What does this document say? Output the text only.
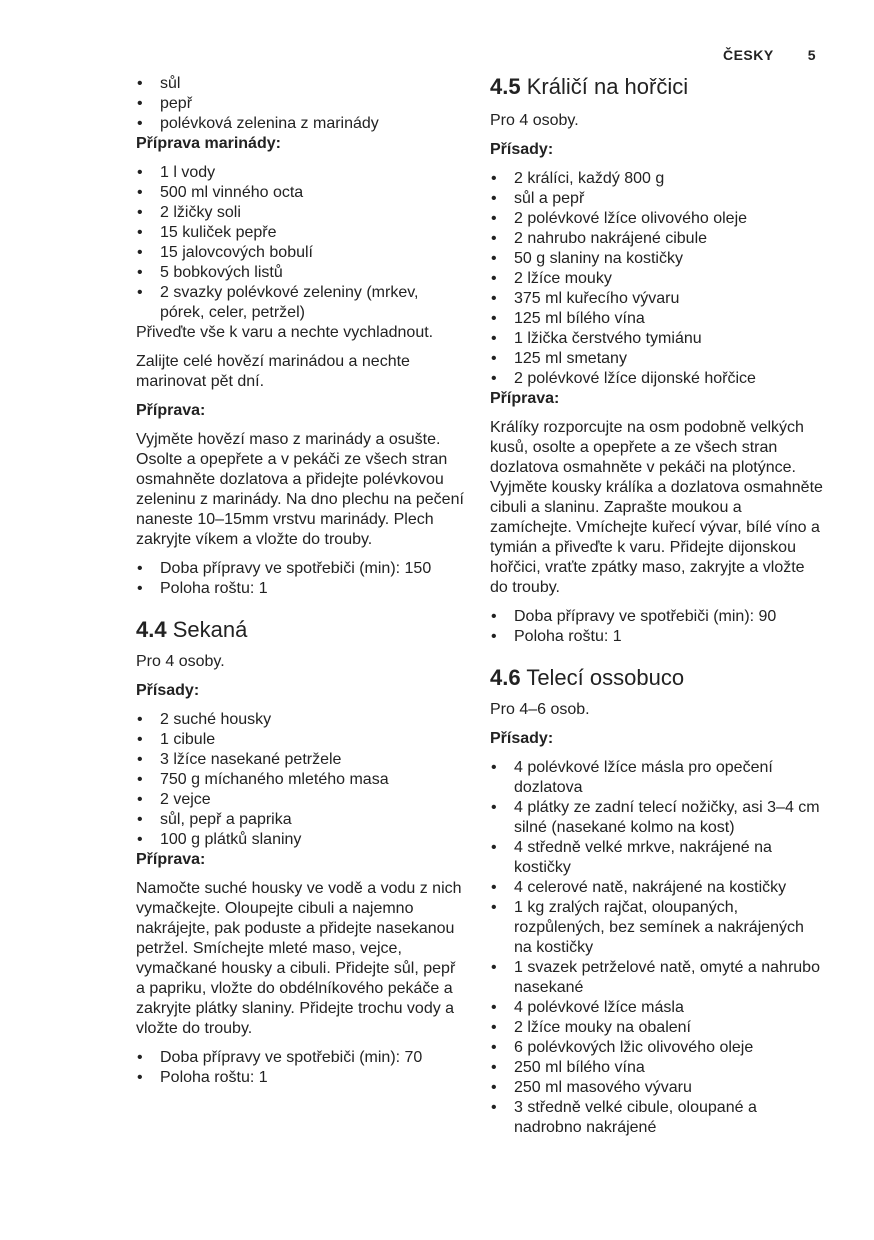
ČESKY 5
• sůl
• pepř
• polévková zelenina z marinády

Příprava marinády:

• 1 l vody
• 500 ml vinného octa
• 2 lžičky soli
• 15 kuliček pepře
• 15 jalovcových bobulí
• 5 bobkových listů
• 2 svazky polévkové zeleniny (mrkev, pórek, celer, petržel)

Přiveďte vše k varu a nechte vychladnout.

Zalijte celé hovězí marinádou a nechte marinovat pět dní.

Příprava:

Vyjměte hovězí maso z marinády a osušte. Osolte a opepřete a v pekáči ze všech stran osmahněte dozlatova a přidejte polévkovou zeleninu z marinády. Na dno plechu na pečení naneste 10–15mm vrstvu marinády. Plech zakryjte víkem a vložte do trouby.

• Doba přípravy ve spotřebiči (min): 150
• Poloha roštu: 1
4.4 Sekaná

Pro 4 osoby.

Přísady:

• 2 suché housky
• 1 cibule
• 3 lžíce nasekané petržele
• 750 g míchaného mletého masa
• 2 vejce
• sůl, pepř a paprika
• 100 g plátků slaniny

Příprava:

Namočte suché housky ve vodě a vodu z nich vymačkejte. Oloupejte cibuli a najemno nakrájejte, pak poduste a přidejte nasekanou petržel. Smíchejte mleté maso, vejce, vymačkané housky a cibuli. Přidejte sůl, pepř a papriku, vložte do obdélníkového pekáče a zakryjte plátky slaniny. Přidejte trochu vody a vložte do trouby.

• Doba přípravy ve spotřebiči (min): 70
• Poloha roštu: 1
4.5 Králičí na hořčici

Pro 4 osoby.

Přísady:

• 2 králíci, každý 800 g
• sůl a pepř
• 2 polévkové lžíce olivového oleje
• 2 nahrubo nakrájené cibule
• 50 g slaniny na kostičky
• 2 lžíce mouky
• 375 ml kuřecího vývaru
• 125 ml bílého vína
• 1 lžička čerstvého tymiánu
• 125 ml smetany
• 2 polévkové lžíce dijonské hořčice

Příprava:

Králíky rozporcujte na osm podobně velkých kusů, osolte a opepřete a ze všech stran dozlatova osmahněte v pekáči na plotýnce. Vyjměte kousky králíka a dozlatova osmahněte cibuli a slaninu. Zaprašte moukou a zamíchejte. Vmíchejte kuřecí vývar, bílé víno a tymián a přiveďte k varu. Přidejte dijonskou hořčici, vraťte zpátky maso, zakryjte a vložte do trouby.

• Doba přípravy ve spotřebiči (min): 90
• Poloha roštu: 1
4.6 Telecí ossobuco

Pro 4–6 osob.

Přísady:

• 4 polévkové lžíce másla pro opečení dozlatova
• 4 plátky ze zadní telecí nožičky, asi 3–4 cm silné (nasekané kolmo na kost)
• 4 středně velké mrkve, nakrájené na kostičky
• 4 celerové natě, nakrájené na kostičky
• 1 kg zralých rajčat, oloupaných, rozpůlených, bez semínek a nakrájených na kostičky
• 1 svazek petrželové natě, omyté a nahrubo nasekané
• 4 polévkové lžíce másla
• 2 lžíce mouky na obalení
• 6 polévkových lžic olivového oleje
• 250 ml bílého vína
• 250 ml masového vývaru
• 3 středně velké cibule, oloupané a nadrobno nakrájené
